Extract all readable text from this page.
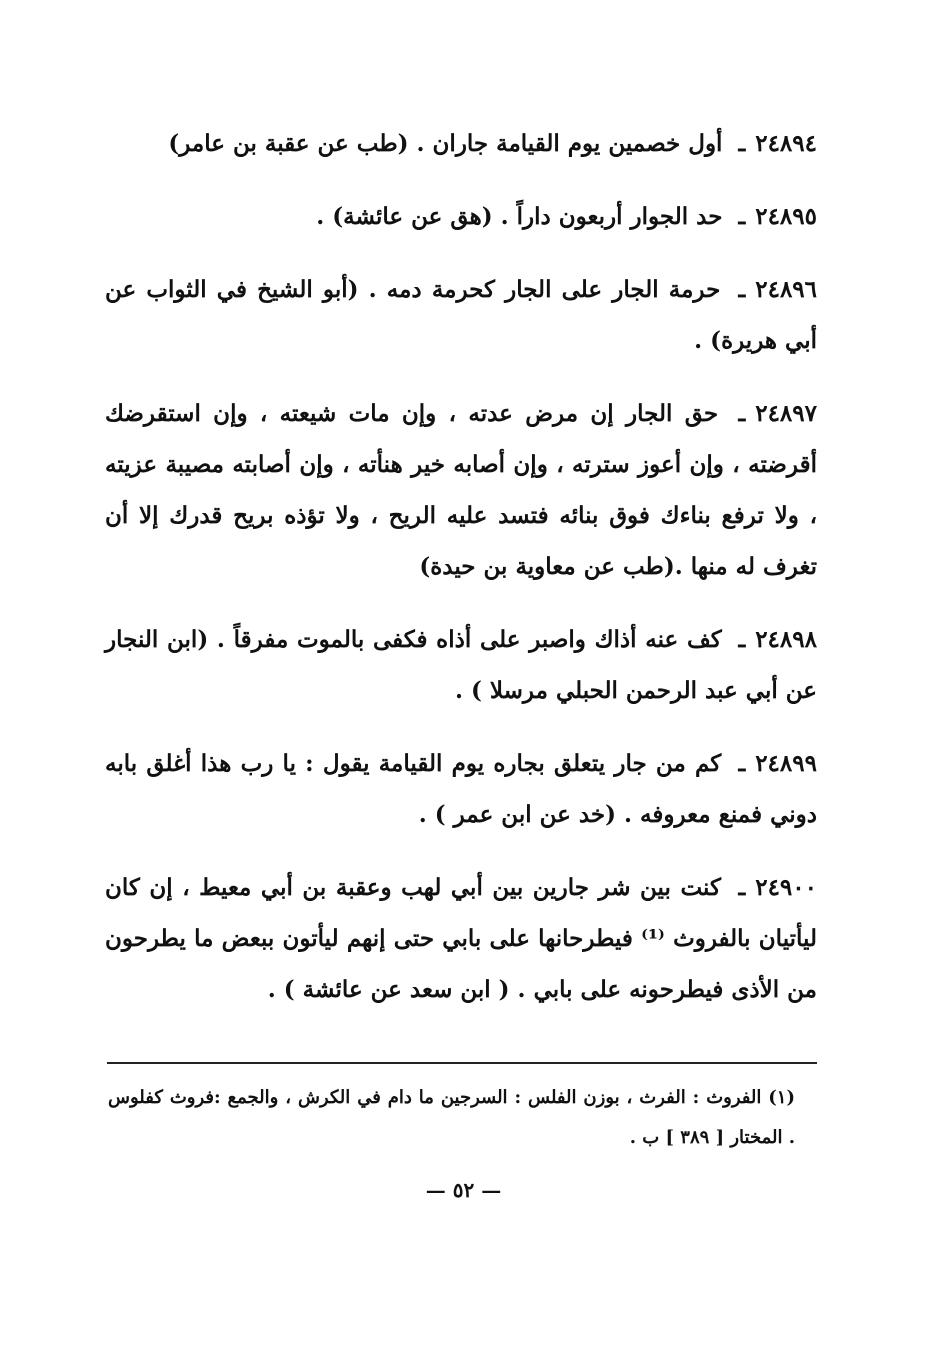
٢٤٨٩٤ـ أول خصمين يوم القيامة جاران . (طب عن عقبة بن عامر)

٢٤٨٩٥ـ حد الجوار أربعون داراً . (هق عن عائشة) .

٢٤٨٩٦ـ حرمة الجار على الجار كحرمة دمه . (أبو الشيخ في الثواب عن أبي هريرة) .

٢٤٨٩٧ـ حق الجار إن مرض عدته ، وإن مات شيعته ، وإن استقرضك أقرضته ، وإن أعوز سترته ، وإن أصابه خير هنأته ، وإن أصابته مصيبة عزيته ، ولا ترفع بناءك فوق بنائه فتسد عليه الريح ، ولا تؤذه بريح قدرك إلا أن تغرف له منها .(طب عن معاوية بن حيدة)

٢٤٨٩٨ـ كف عنه أذاك واصبر على أذاه فكفى بالموت مفرقاً . (ابن النجار عن أبي عبد الرحمن الحبلي مرسلا ) .

٢٤٨٩٩ـ كم من جار يتعلق بجاره يوم القيامة يقول : يا رب هذا أغلق بابه دوني فمنع معروفه . (خد عن ابن عمر ) .

٢٤٩٠٠ـ كنت بين شر جارين بين أبي لهب وعقبة بن أبي معيط ، إن كان ليأتيان بالفروث ⁽¹⁾ فيطرحانها على بابي حتى إنهم ليأتون ببعض ما يطرحون من الأذى فيطرحونه على بابي . ( ابن سعد عن عائشة ) .

(١) الفروث : الفرث ، بوزن الفلس : السرجين ما دام في الكرش ، والجمع :فروث كفلوس . المختار [ ٣٨٩ ] ب .
— ٥٢ —
